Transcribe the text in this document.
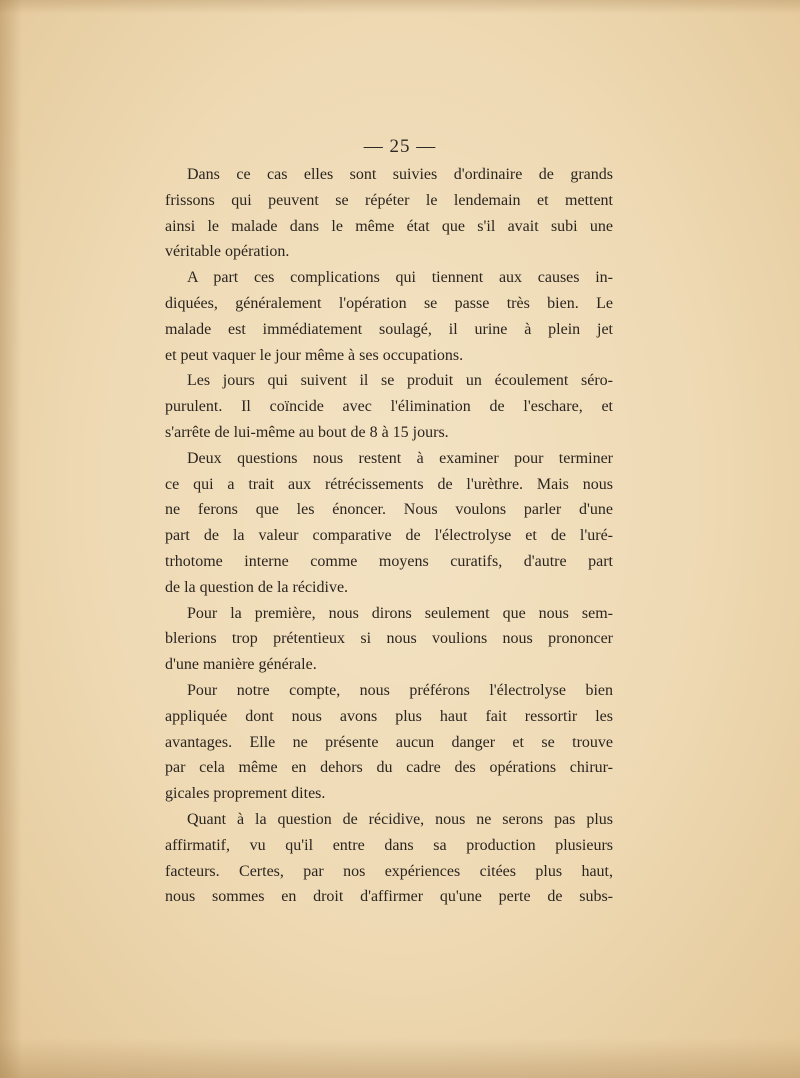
— 25 —
Dans ce cas elles sont suivies d'ordinaire de grands
frissons qui peuvent se répéter le lendemain et mettent
ainsi le malade dans le même état que s'il avait subi une
véritable opération.
A part ces complications qui tiennent aux causes in-
diquées, généralement l'opération se passe très bien. Le
malade est immédiatement soulagé, il urine à plein jet
et peut vaquer le jour même à ses occupations.
Les jours qui suivent il se produit un écoulement séro-
purulent. Il coïncide avec l'élimination de l'eschare, et
s'arrête de lui-même au bout de 8 à 15 jours.
Deux questions nous restent à examiner pour terminer
ce qui a trait aux rétrécissements de l'urèthre. Mais nous
ne ferons que les énoncer. Nous voulons parler d'une
part de la valeur comparative de l'électrolyse et de l'uré-
trhotome interne comme moyens curatifs, d'autre part
de la question de la récidive.
Pour la première, nous dirons seulement que nous sem-
blerions trop prétentieux si nous voulions nous prononcer
d'une manière générale.
Pour notre compte, nous préférons l'électrolyse bien
appliquée dont nous avons plus haut fait ressortir les
avantages. Elle ne présente aucun danger et se trouve
par cela même en dehors du cadre des opérations chirur-
gicales proprement dites.
Quant à la question de récidive, nous ne serons pas plus
affirmatif, vu qu'il entre dans sa production plusieurs
facteurs. Certes, par nos expériences citées plus haut,
nous sommes en droit d'affirmer qu'une perte de subs-
